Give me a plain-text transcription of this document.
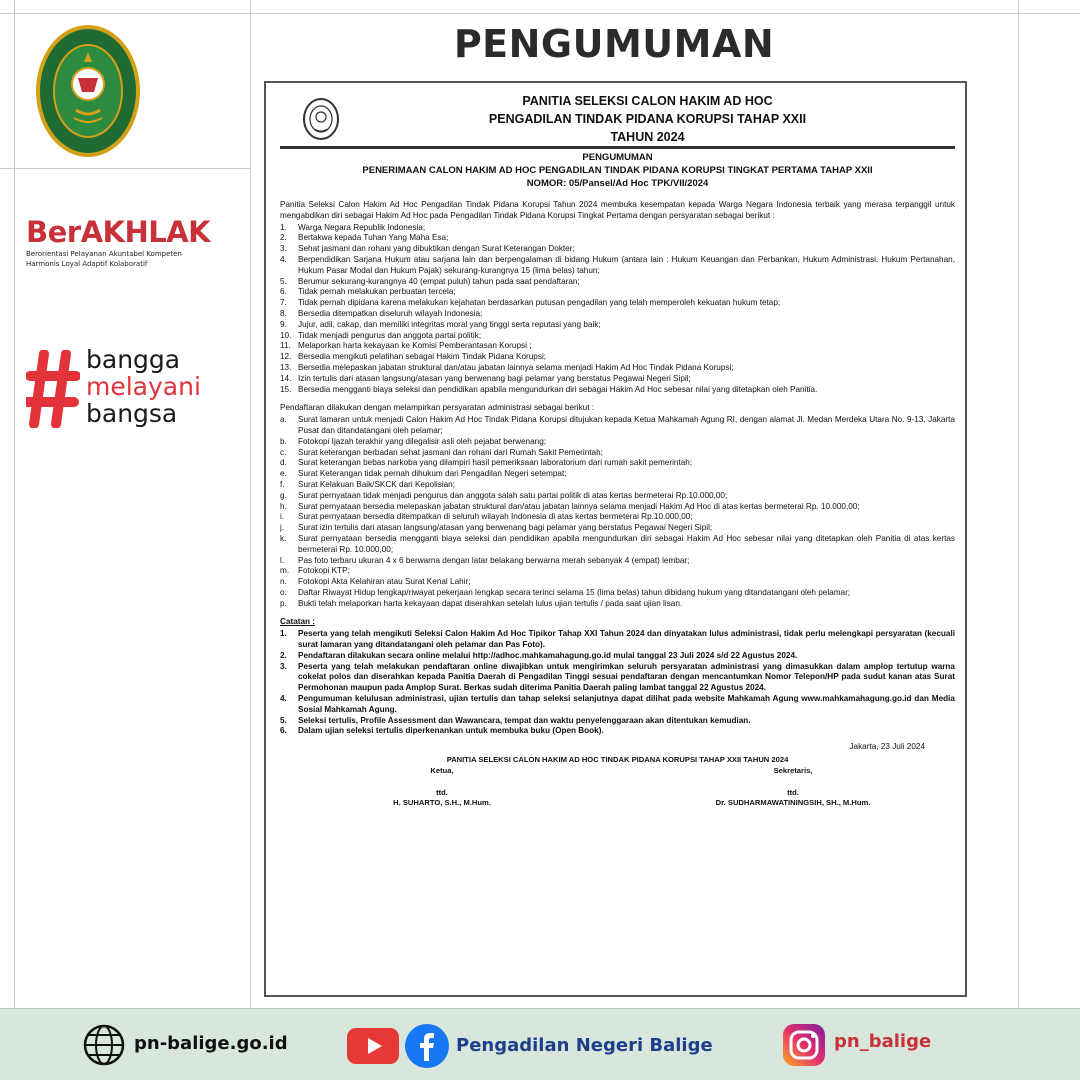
BerAKHLAK
Berorientasi Pelayanan Akuntabel Kompeten
Harmonis Loyal Adaptif Kolaboratif
bangga
melayani
bangsa
PENGUMUMAN
PANITIA SELEKSI CALON HAKIM AD HOC
PENGADILAN TINDAK PIDANA KORUPSI TAHAP XXII
TAHUN 2024
PENGUMUMAN
PENERIMAAN CALON HAKIM AD HOC PENGADILAN TINDAK PIDANA KORUPSI TINGKAT PERTAMA TAHAP XXII
NOMOR: 05/Pansel/Ad Hoc TPK/VII/2024

Panitia Seleksi Calon Hakim Ad Hoc Pengadilan Tindak Pidana Korupsi Tahun 2024 membuka kesempatan kepada Warga Negara Indonesia terbaik yang merasa terpanggil untuk mengabdikan diri sebagai Hakim Ad Hoc pada Pengadilan Tindak Pidana Korupsi Tingkat Pertama dengan persyaratan sebagai berikut :

1. Warga Negara Republik Indonesia;
2. Bertakwa kepada Tuhan Yang Maha Esa;
3. Sehat jasmani dan rohani yang dibuktikan dengan Surat Keterangan Dokter;
4. Berpendidikan Sarjana Hukum atau sarjana lain dan berpengalaman di bidang Hukum (antara lain : Hukum Keuangan dan Perbankan, Hukum Administrasi, Hukum Pertanahan, Hukum Pasar Modal dan Hukum Pajak) sekurang-kurangnya 15 (lima belas) tahun;
5. Berumur sekurang-kurangnya 40 (empat puluh) tahun pada saat pendaftaran;
6. Tidak pernah melakukan perbuatan tercela;
7. Tidak pernah dipidana karena melakukan kejahatan berdasarkan putusan pengadilan yang telah memperoleh kekuatan hukum tetap;
8. Bersedia ditempatkan diseluruh wilayah Indonesia;
9. Jujur, adil, cakap, dan memiliki integritas moral yang tinggi serta reputasi yang baik;
10. Tidak menjadi pengurus dan anggota partai politik;
11. Melaporkan harta kekayaan ke Komisi Pemberantasan Korupsi ;
12. Bersedia mengikuti pelatihan sebagai Hakim Tindak Pidana Korupsi;
13. Bersedia melepaskan jabatan struktural dan/atau jabatan lainnya selama menjadi Hakim Ad Hoc Tindak Pidana Korupsi;
14. Izin tertulis dari atasan langsung/atasan yang berwenang bagi pelamar yang berstatus Pegawai Negeri Sipil;
15. Bersedia mengganti biaya seleksi dan pendidikan apabila mengundurkan diri sebagai Hakim Ad Hoc sebesar nilai yang ditetapkan oleh Panitia.

Pendaftaran dilakukan dengan melampirkan persyaratan administrasi sebagai berikut :

a. Surat lamaran untuk menjadi Calon Hakim Ad Hoc Tindak Pidana Korupsi ditujukan kepada Ketua Mahkamah Agung RI, dengan alamat Jl. Medan Merdeka Utara No. 9-13, Jakarta Pusat dan ditandatangani oleh pelamar;
b. Fotokopi Ijazah terakhir yang dilegalisir asli oleh pejabat berwenang;
c. Surat keterangan berbadan sehat jasmani dan rohani dari Rumah Sakit Pemerintah;
d. Surat keterangan bebas narkoba yang dilampiri hasil pemeriksaan laboratorium dari rumah sakit pemerintah;
e. Surat Keterangan tidak pernah dihukum dari Pengadilan Negeri setempat;
f. Surat Kelakuan Baik/SKCK dari Kepolisian;
g. Surat pernyataan tidak menjadi pengurus dan anggota salah satu partai politik di atas kertas bermeterai Rp.10.000,00;
h. Surat pernyataan bersedia melepaskan jabatan struktural dan/atau jabatan lainnya selama menjadi Hakim Ad Hoc di atas kertas bermeterai Rp. 10.000,00;
i. Surat pernyataan bersedia ditempatkan di seluruh wilayah Indonesia di atas kertas bermeterai Rp.10.000,00;
j. Surat izin tertulis dari atasan langsung/atasan yang berwenang bagi pelamar yang berstatus Pegawai Negeri Sipil;
k. Surat pernyataan bersedia mengganti biaya seleksi dan pendidikan apabila mengundurkan diri sebagai Hakim Ad Hoc sebesar nilai yang ditetapkan oleh Panitia di atas kertas bermeterai Rp. 10.000,00;
l. Pas foto terbaru ukuran 4 x 6 berwarna dengan latar belakang berwarna merah sebanyak 4 (empat) lembar;
m. Fotokopi KTP;
n. Fotokopi Akta Kelahiran atau Surat Kenal Lahir;
o. Daftar Riwayat Hidup lengkap/riwayat pekerjaan lengkap secara terinci selama 15 (lima belas) tahun dibidang hukum yang ditandatangani oleh pelamar;
p. Bukti telah melaporkan harta kekayaan dapat diserahkan setelah lulus ujian tertulis / pada saat ujian lisan.

Catatan :

1. Peserta yang telah mengikuti Seleksi Calon Hakim Ad Hoc Tipikor Tahap XXI Tahun 2024 dan dinyatakan lulus administrasi, tidak perlu melengkapi persyaratan (kecuali surat lamaran yang ditandatangani oleh pelamar dan Pas Foto).
2. Pendaftaran dilakukan secara online melalui http://adhoc.mahkamahagung.go.id mulai tanggal 23 Juli 2024 s/d 22 Agustus 2024.
3. Peserta yang telah melakukan pendaftaran online diwajibkan untuk mengirimkan seluruh persyaratan administrasi yang dimasukkan dalam amplop tertutup warna cokelat polos dan diserahkan kepada Panitia Daerah di Pengadilan Tinggi sesuai pendaftaran dengan mencantumkan Nomor Telepon/HP pada sudut kanan atas Surat Permohonan maupun pada Amplop Surat. Berkas sudah diterima Panitia Daerah paling lambat tanggal 22 Agustus 2024.
4. Pengumuman kelulusan administrasi, ujian tertulis dan tahap seleksi selanjutnya dapat dilihat pada website Mahkamah Agung www.mahkamahagung.go.id dan Media Sosial Mahkamah Agung.
5. Seleksi tertulis, Profile Assessment dan Wawancara, tempat dan waktu penyelenggaraan akan ditentukan kemudian.
6. Dalam ujian seleksi tertulis diperkenankan untuk membuka buku (Open Book).

Jakarta, 23 Juli 2024

PANITIA SELEKSI CALON HAKIM AD HOC TINDAK PIDANA KORUPSI TAHAP XXII TAHUN 2024

Ketua,
ttd.
H. SUHARTO, S.H., M.Hum.
Sekretaris,
ttd.
Dr. SUDHARMAWATININGSIH, SH., M.Hum.
pn-baligе.go.id	Pengadilan Negeri Balige	pn_balige
